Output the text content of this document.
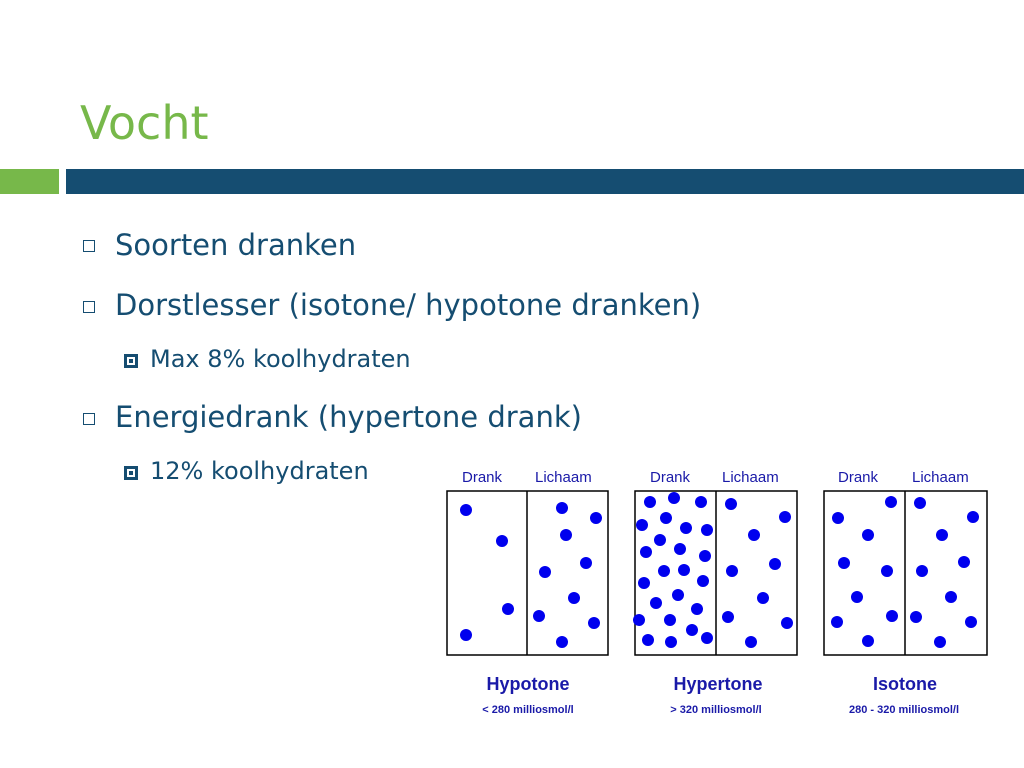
Vocht
Soorten dranken
Dorstlesser (isotone/ hypotone dranken)
Max 8% koolhydraten
Energiedrank (hypertone drank)
12% koolhydraten	Drank Lichaam
Hypotone
< 280 milliosmol/l
Drank Lichaam
Hypertone
> 320 milliosmol/l
Drank Lichaam
Isotone
280 - 320 milliosmol/l
